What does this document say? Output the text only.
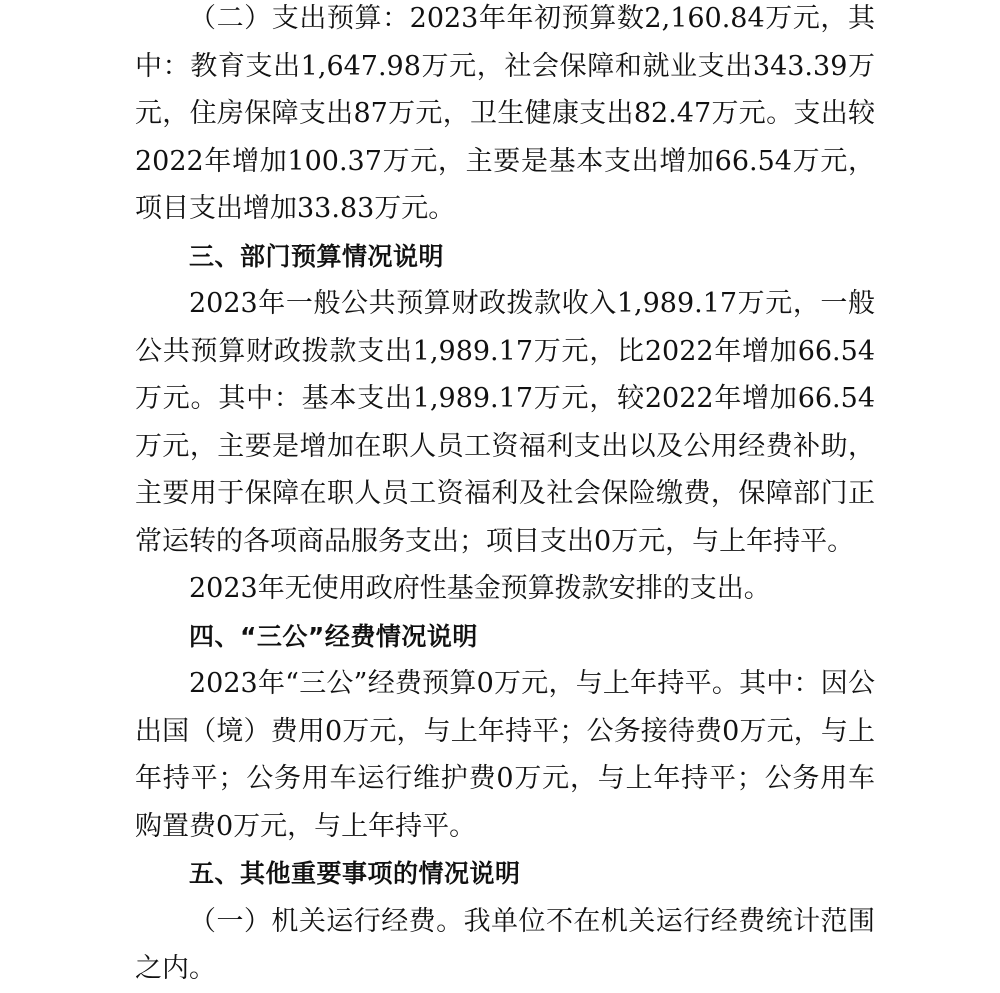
（二）支出预算：2023年年初预算数2,160.84万元，其中：教育支出1,647.98万元，社会保障和就业支出343.39万元，住房保障支出87万元，卫生健康支出82.47万元。支出较2022年增加100.37万元，主要是基本支出增加66.54万元，项目支出增加33.83万元。

三、部门预算情况说明

2023年一般公共预算财政拨款收入1,989.17万元，一般公共预算财政拨款支出1,989.17万元，比2022年增加66.54万元。其中：基本支出1,989.17万元，较2022年增加66.54万元，主要是增加在职人员工资福利支出以及公用经费补助，主要用于保障在职人员工资福利及社会保险缴费，保障部门正常运转的各项商品服务支出；项目支出0万元，与上年持平。

2023年无使用政府性基金预算拨款安排的支出。

四、“三公”经费情况说明

2023年“三公”经费预算0万元，与上年持平。其中：因公出国（境）费用0万元，与上年持平；公务接待费0万元，与上年持平；公务用车运行维护费0万元，与上年持平；公务用车购置费0万元，与上年持平。

五、其他重要事项的情况说明

（一）机关运行经费。我单位不在机关运行经费统计范围之内。
